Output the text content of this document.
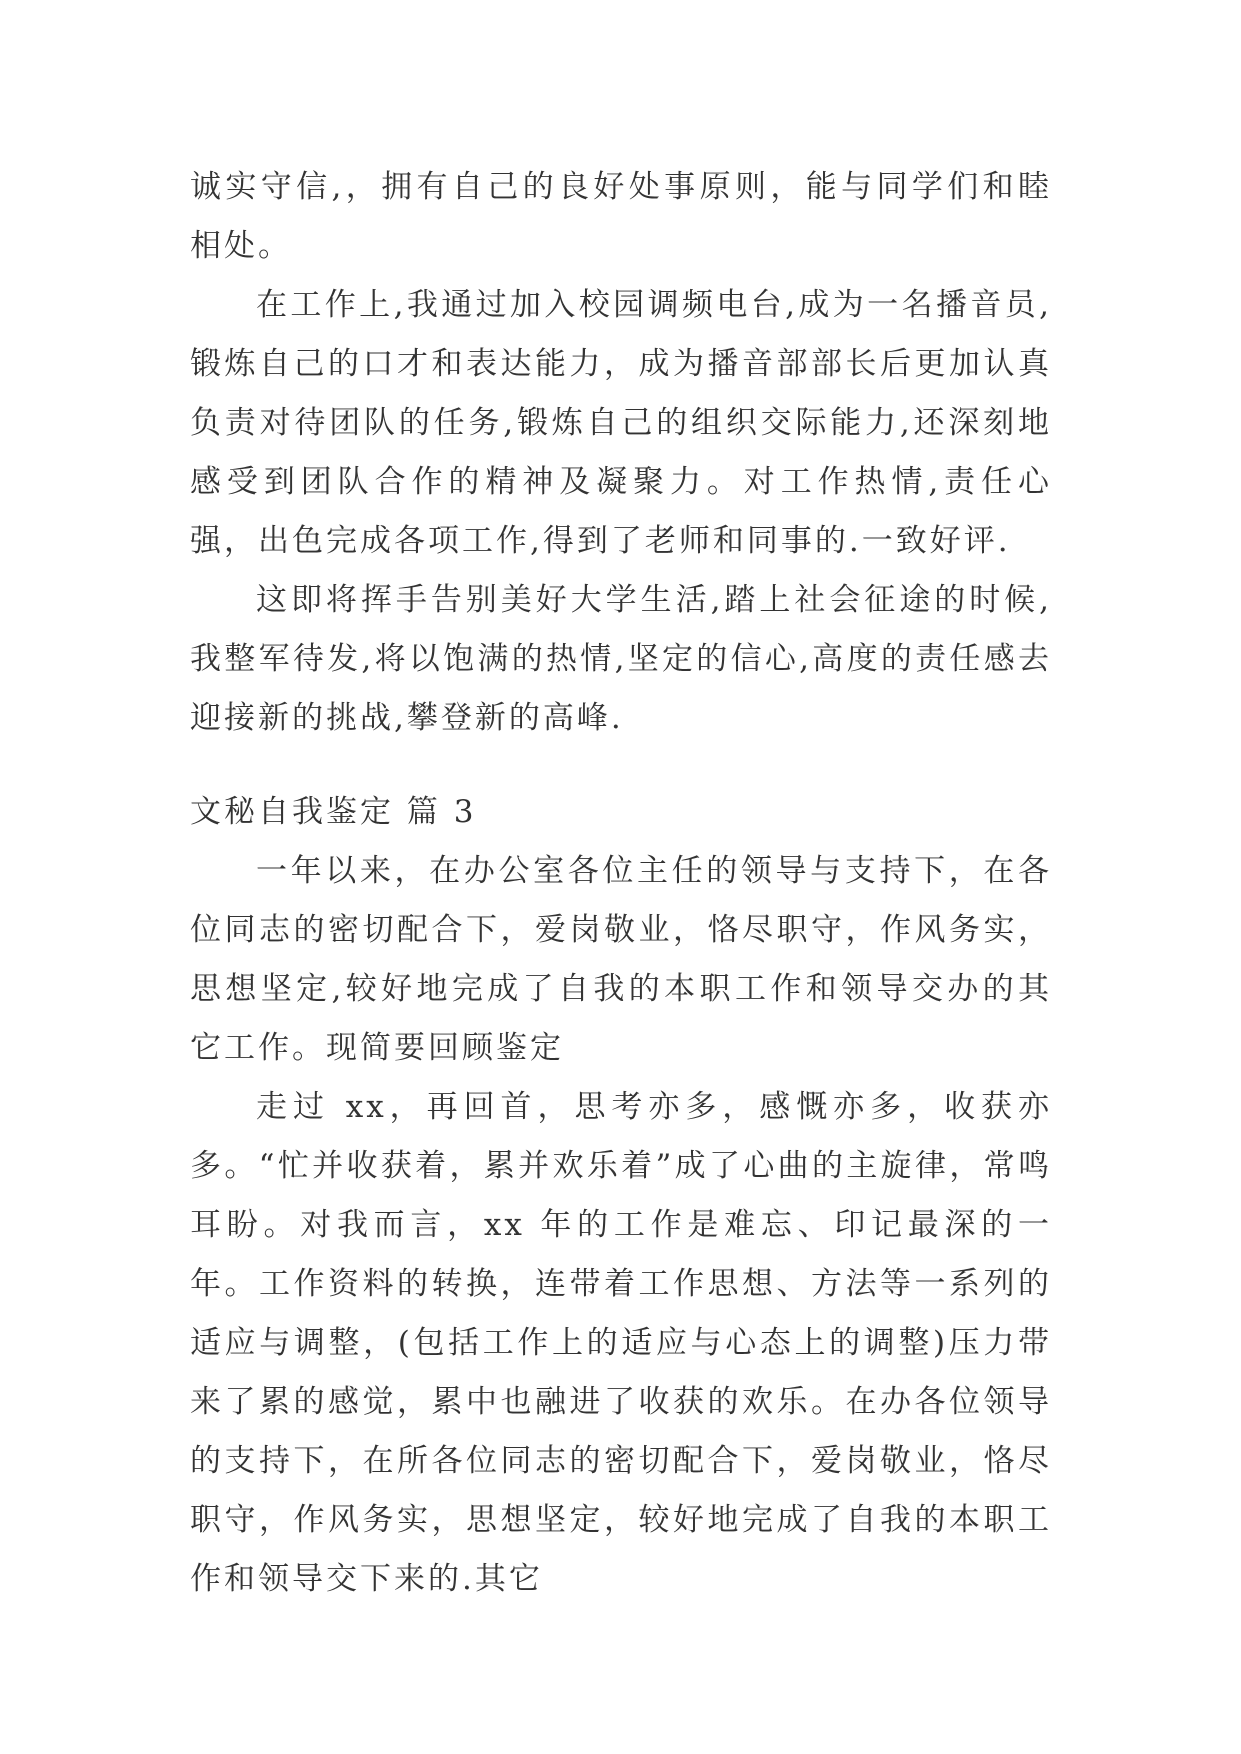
诚实守信,，拥有自己的良好处事原则，能与同学们和睦相处。

在工作上,我通过加入校园调频电台,成为一名播音员,锻炼自己的口才和表达能力，成为播音部部长后更加认真负责对待团队的任务,锻炼自己的组织交际能力,还深刻地感受到团队合作的精神及凝聚力。对工作热情,责任心强，出色完成各项工作,得到了老师和同事的.一致好评.

这即将挥手告别美好大学生活,踏上社会征途的时候,我整军待发,将以饱满的热情,坚定的信心,高度的责任感去迎接新的挑战,攀登新的高峰.

文秘自我鉴定 篇 3

一年以来，在办公室各位主任的领导与支持下，在各位同志的密切配合下，爱岗敬业，恪尽职守，作风务实，思想坚定,较好地完成了自我的本职工作和领导交办的其它工作。现简要回顾鉴定

走过 xx，再回首，思考亦多，感慨亦多，收获亦多。“忙并收获着，累并欢乐着”成了心曲的主旋律，常鸣耳盼。对我而言，xx 年的工作是难忘、印记最深的一年。工作资料的转换，连带着工作思想、方法等一系列的适应与调整，(包括工作上的适应与心态上的调整)压力带来了累的感觉，累中也融进了收获的欢乐。在办各位领导的支持下，在所各位同志的密切配合下，爱岗敬业，恪尽职守，作风务实，思想坚定，较好地完成了自我的本职工作和领导交下来的.其它
